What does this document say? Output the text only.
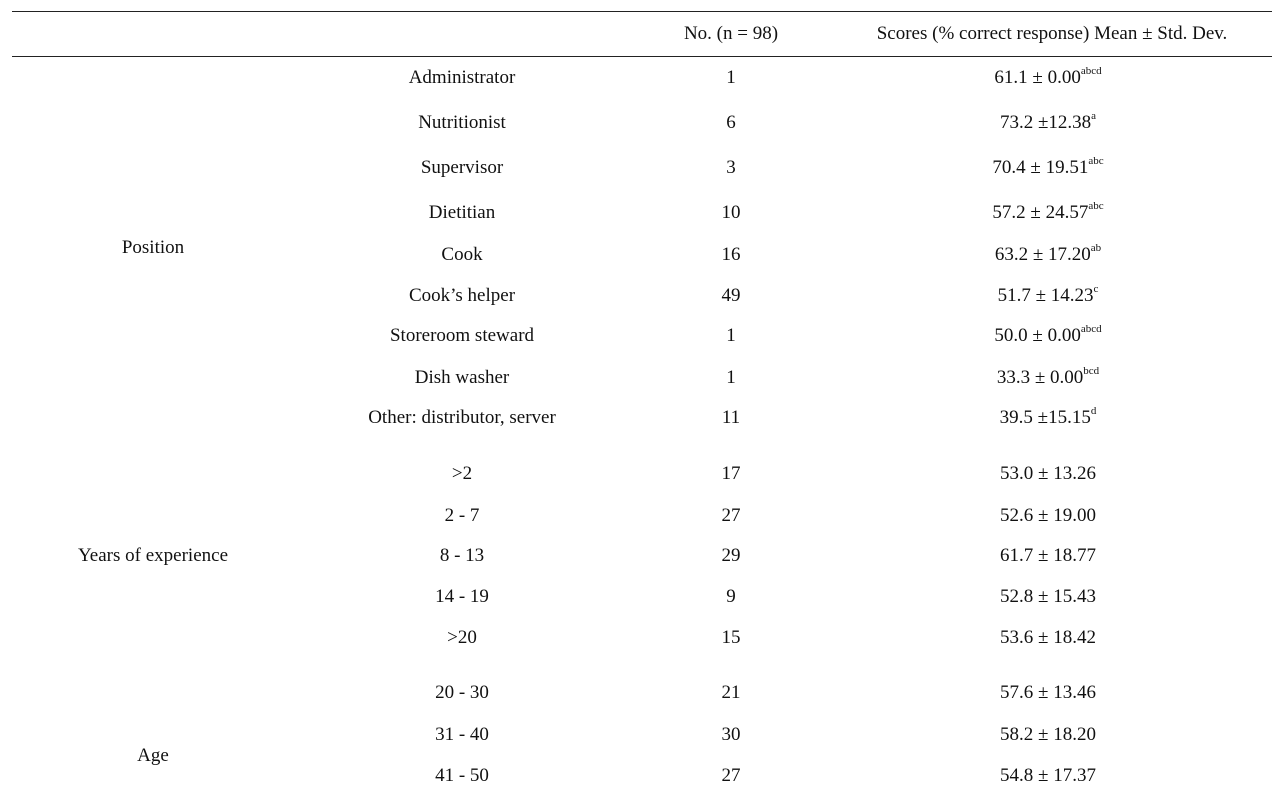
No. (n = 98)	Scores (% correct response) Mean ± Std. Dev.
Position
Administrator	1	$61.1 \pm 0.00^{abcd}$
Nutritionist	6	73.2 ±12.38$^a$
Supervisor	3	70.4 ± 19.51$^{abc}$
Dietitian	10	57.2 ± 24.57$^{abc}$
Cook	16	63.2 ± 17.20$^{ab}$
Cook’s helper	49	51.7 ± 14.23$^c$
Storeroom steward	1	$50.0 \pm 0.00^{abcd}$
Dish washer	1	33.3 ± 0.00$^{bcd}$
Other: distributor, server	11	39.5 ±15.15$^d$
Years of experience
>2	17	53.0 ± 13.26
2 - 7	27	52.6 ± 19.00
8 - 13	29	61.7 ± 18.77
14 - 19	9	52.8 ± 15.43
>20	15	53.6 ± 18.42
Age
20 - 30	21	57.6 ± 13.46
31 - 40	30	58.2 ± 18.20
41 - 50	27	54.8 ± 17.37
